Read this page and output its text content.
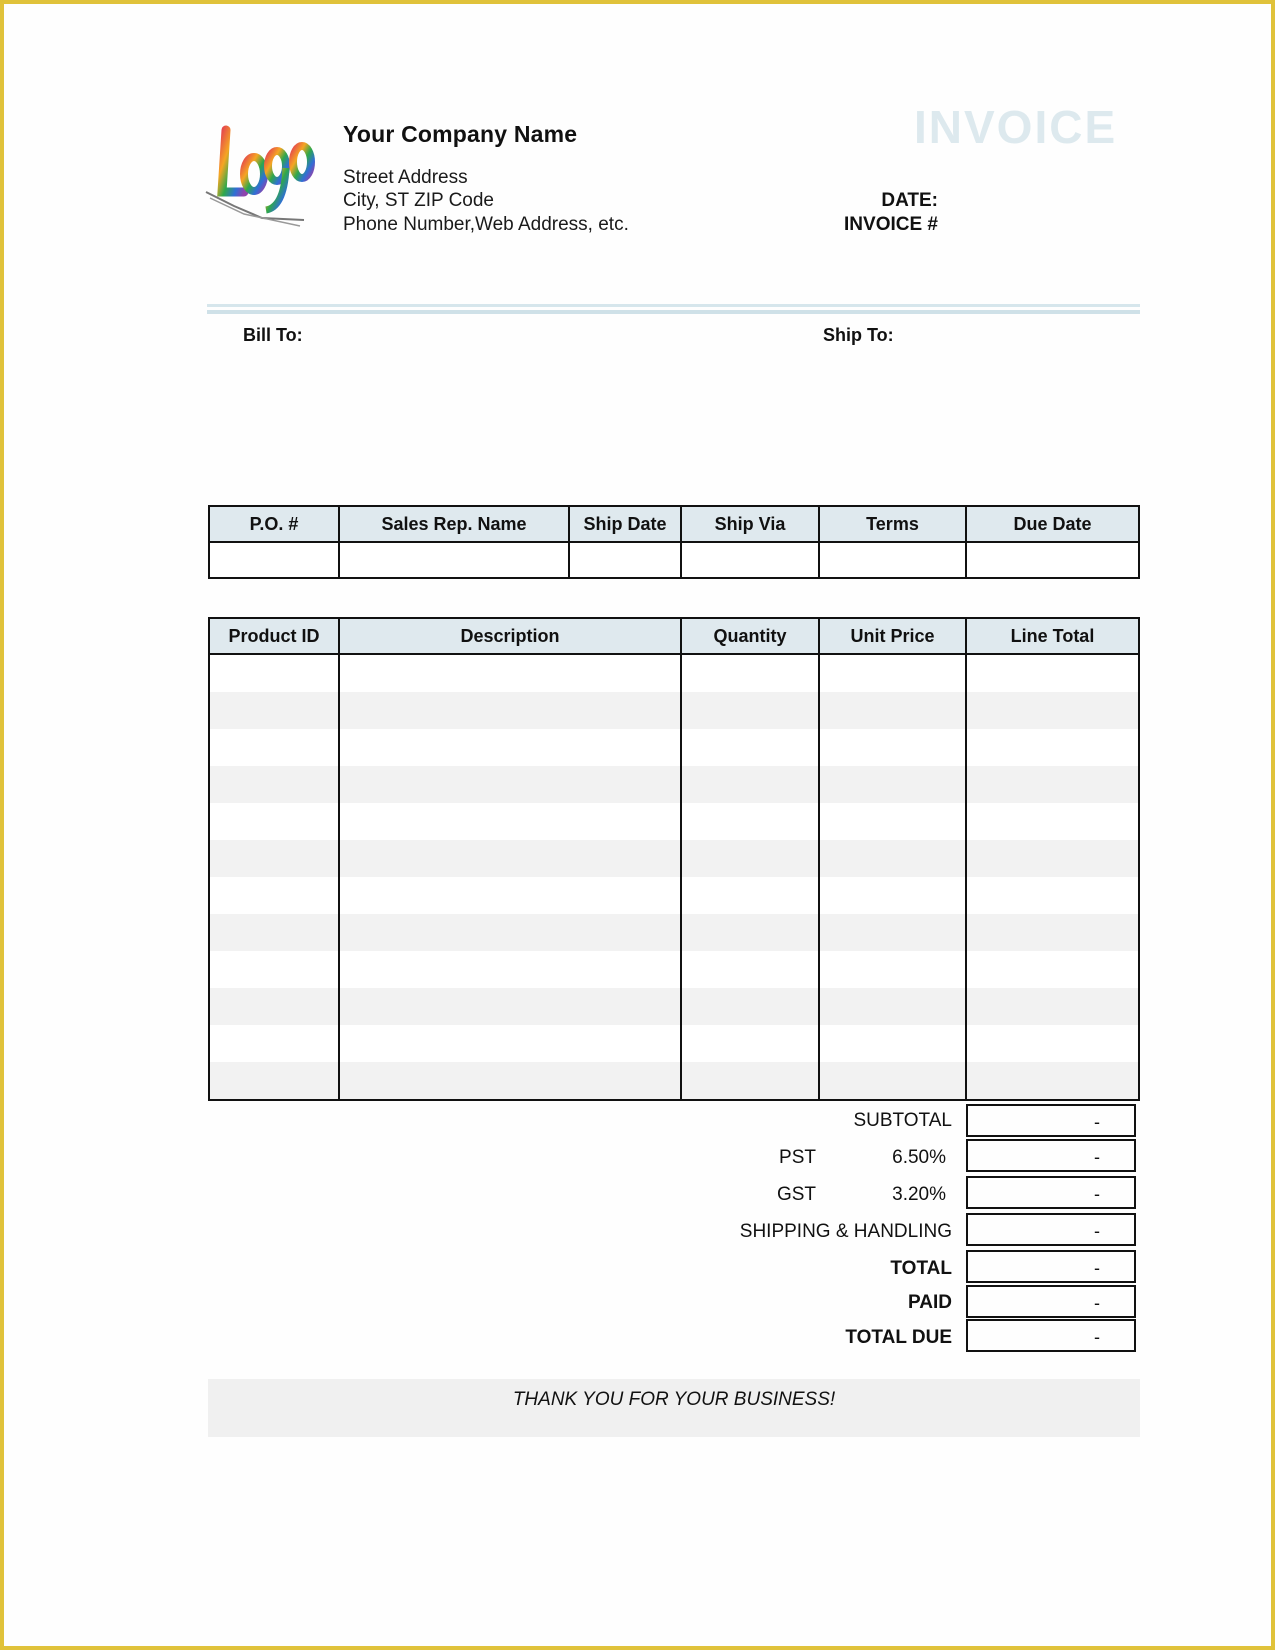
Your Company Name
Street Address
City, ST ZIP Code
Phone Number,Web Address, etc.
INVOICE
DATE:
INVOICE #
Bill To:	Ship To:
P.O. #	Sales Rep. Name	Ship Date	Ship Via	Terms	Due Date

Product ID	Description	Quantity	Unit Price	Line Total

SUBTOTAL	-
PST	6.50%	-
GST	3.20%	-
SHIPPING & HANDLING	-
TOTAL	-
PAID	-
TOTAL DUE	-
THANK YOU FOR YOUR BUSINESS!
